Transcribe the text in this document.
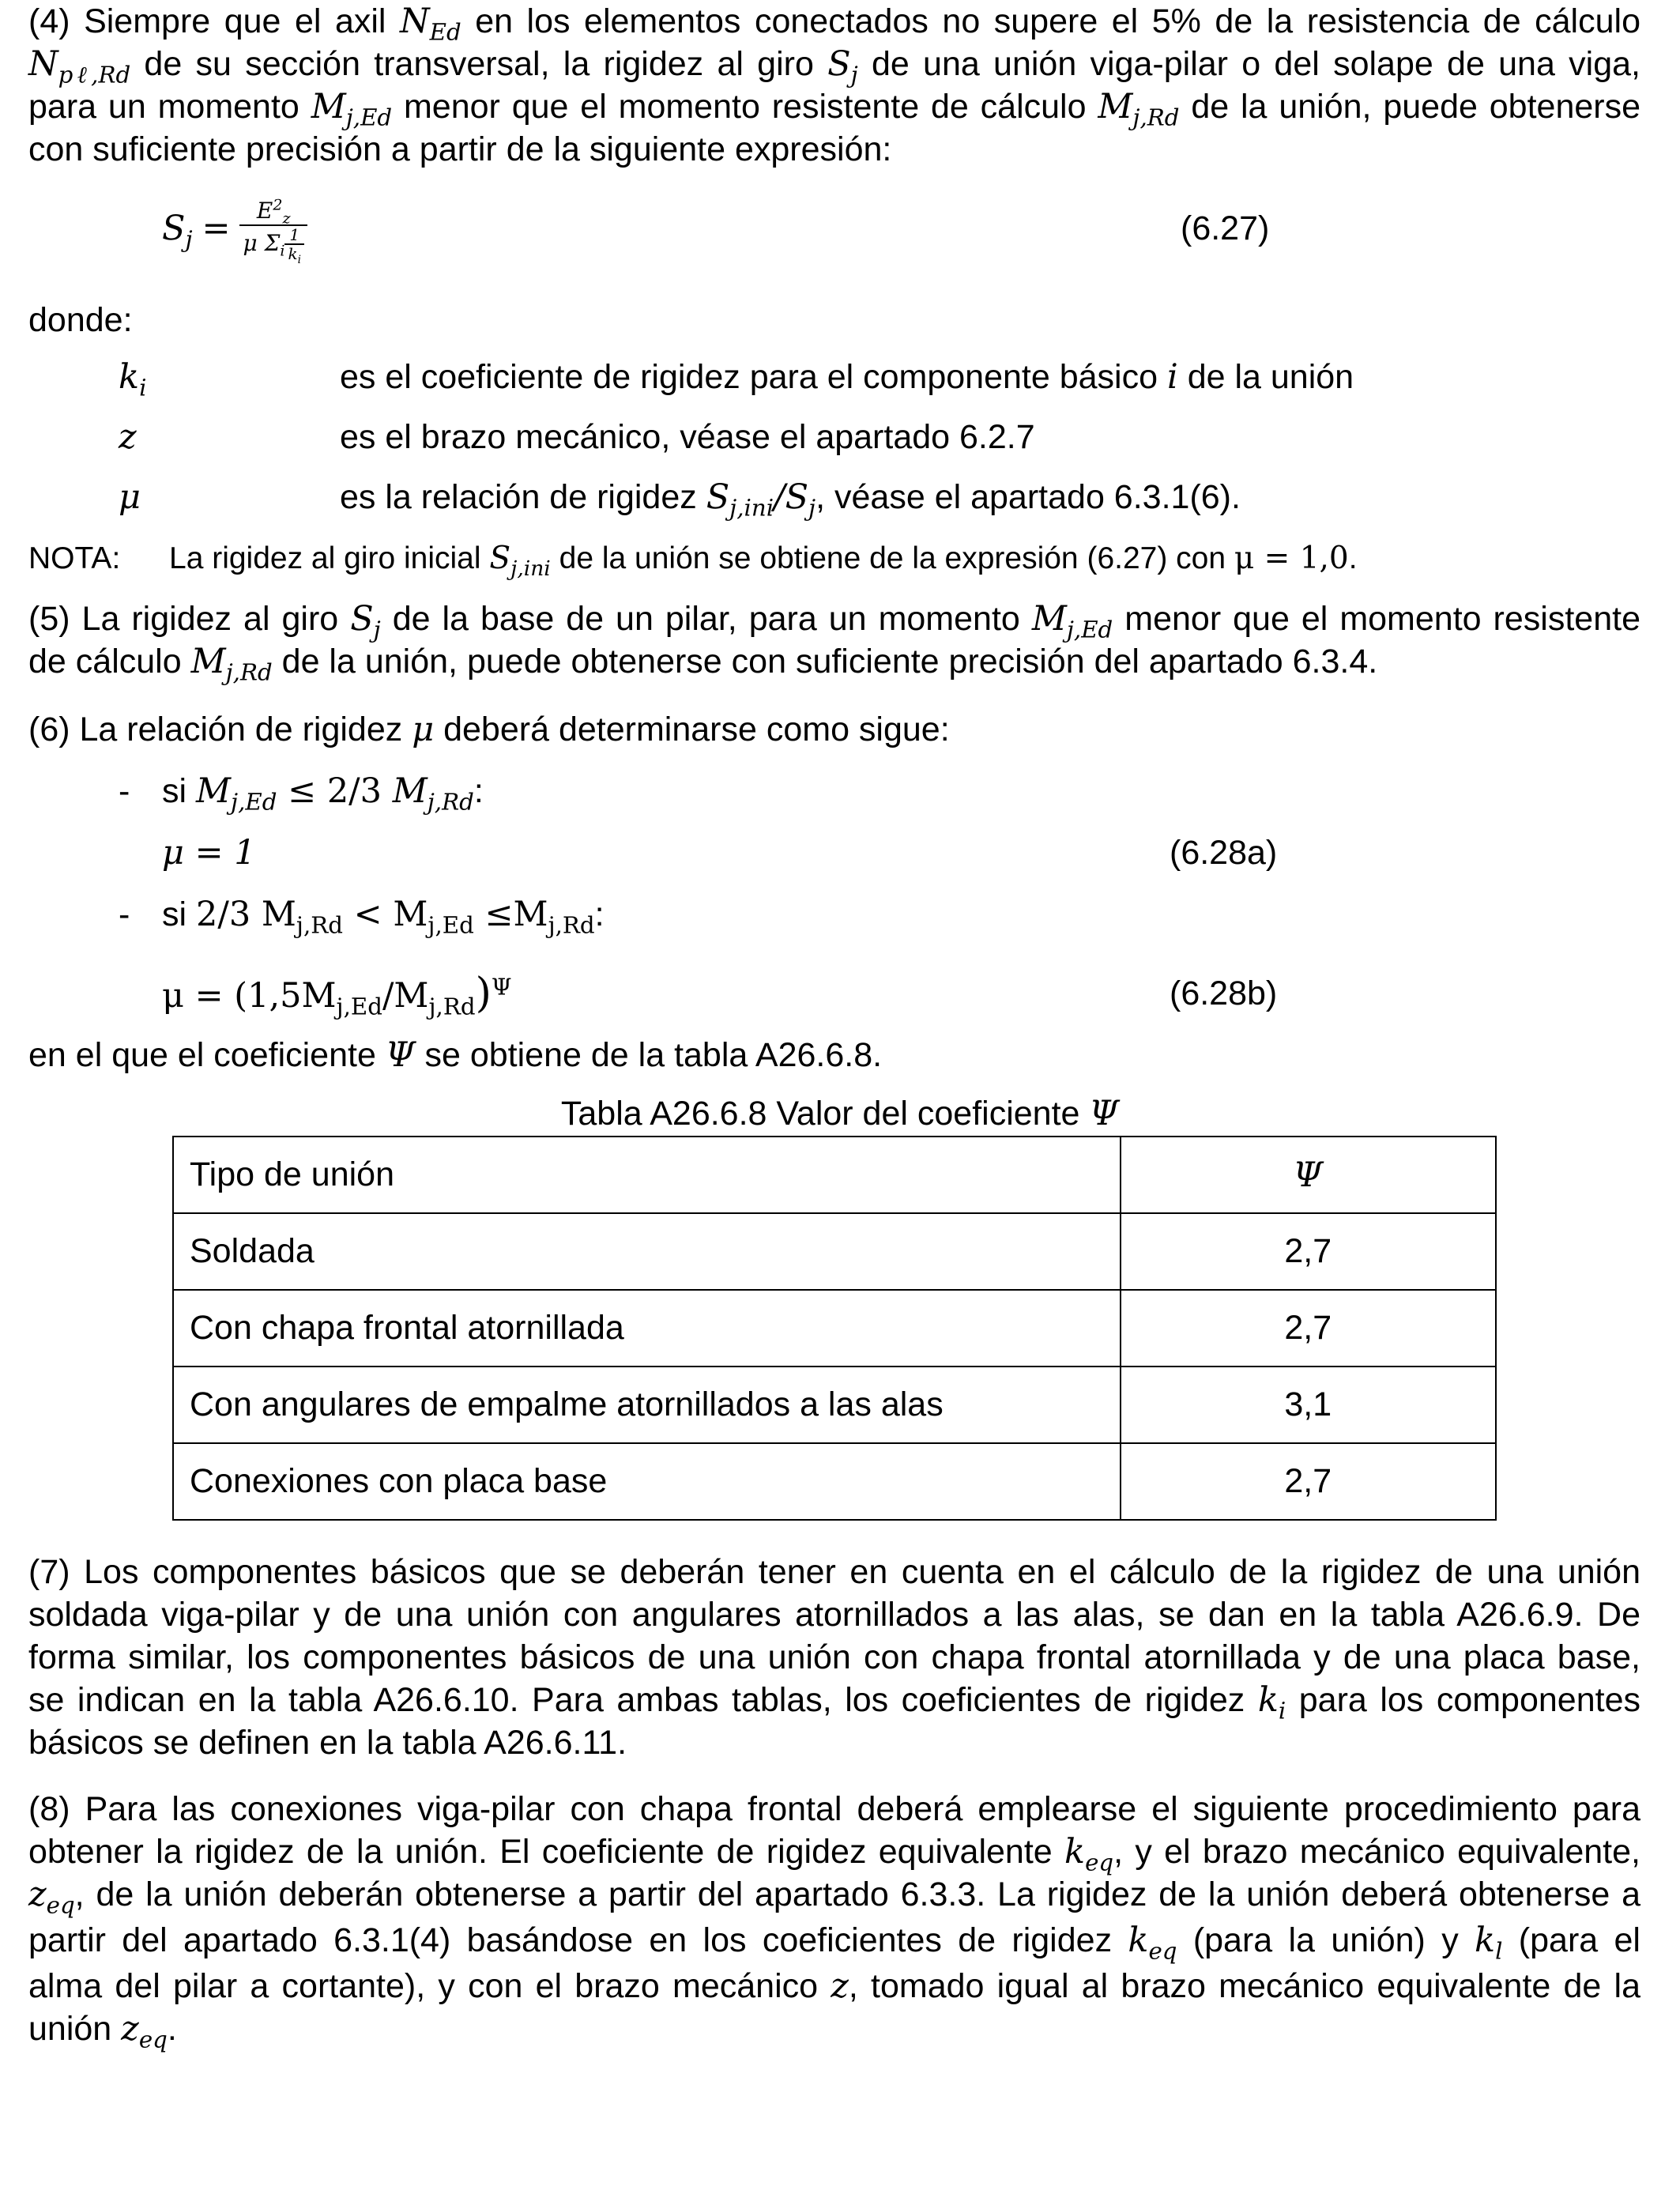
(4) Siempre que el axil $N_{Ed}$ en los elementos conectados no supere el 5% de la resistencia de cálculo
$N_{p\ell,Rd}$ de su sección transversal, la rigidez al giro $S_j$ de una unión viga-pilar o del solape de una viga,
para un momento $M_{j,Ed}$ menor que el momento resistente de cálculo $M_{j,Rd}$ de la unión, puede obtenerse
con suficiente precisión a partir de la siguiente expresión:
$S_j = \frac{E^2_z}{\mu \Sigma_i \frac{1}{k_i}}$	(6.27)
donde:
$k_i$	es el coeficiente de rigidez para el componente básico i de la unión
z	es el brazo mecánico, véase el apartado 6.2.7
μ	es la relación de rigidez $S_{j,ini}/S_j$, véase el apartado 6.3.1(6).
NOTA: La rigidez al giro inicial $S_{j,ini}$ de la unión se obtiene de la expresión (6.27) con μ = 1,0.
(5) La rigidez al giro $S_j$ de la base de un pilar, para un momento $M_{j,Ed}$ menor que el momento resistente
de cálculo $M_{j,Rd}$ de la unión, puede obtenerse con suficiente precisión del apartado 6.3.4.
(6) La relación de rigidez μ deberá determinarse como sigue:
- si $M_{j,Ed} \le 2/3$ $M_{j,Rd}$:
μ = 1	(6.28a)
- si 2/3 $M_{j,Rd} < M_{j,Ed} \le M_{j,Rd}$:
$\mu = (1,5M_{j,Ed}/M_{j,Rd})^\Psi$	(6.28b)
en el que el coeficiente Ψ se obtiene de la tabla A26.6.8.
Tabla A26.6.8 Valor del coeficiente Ψ
Tipo de unión	Ψ
Soldada	2,7
Con chapa frontal atornillada	2,7
Con angulares de empalme atornillados a las alas	3,1
Conexiones con placa base	2,7
(7) Los componentes básicos que se deberán tener en cuenta en el cálculo de la rigidez de una unión
soldada viga-pilar y de una unión con angulares atornillados a las alas, se dan en la tabla A26.6.9. De
forma similar, los componentes básicos de una unión con chapa frontal atornillada y de una placa base,
se indican en la tabla A26.6.10. Para ambas tablas, los coeficientes de rigidez $k_i$ para los componentes
básicos se definen en la tabla A26.6.11.
(8) Para las conexiones viga-pilar con chapa frontal deberá emplearse el siguiente procedimiento para
obtener la rigidez de la unión. El coeficiente de rigidez equivalente $k_{eq}$, y el brazo mecánico equivalente,
$z_{eq}$, de la unión deberán obtenerse a partir del apartado 6.3.3. La rigidez de la unión deberá obtenerse a
partir del apartado 6.3.1(4) basándose en los coeficientes de rigidez $k_{eq}$ (para la unión) y $k_l$ (para el
alma del pilar a cortante), y con el brazo mecánico z, tomado igual al brazo mecánico equivalente de la
unión $z_{eq}$.
